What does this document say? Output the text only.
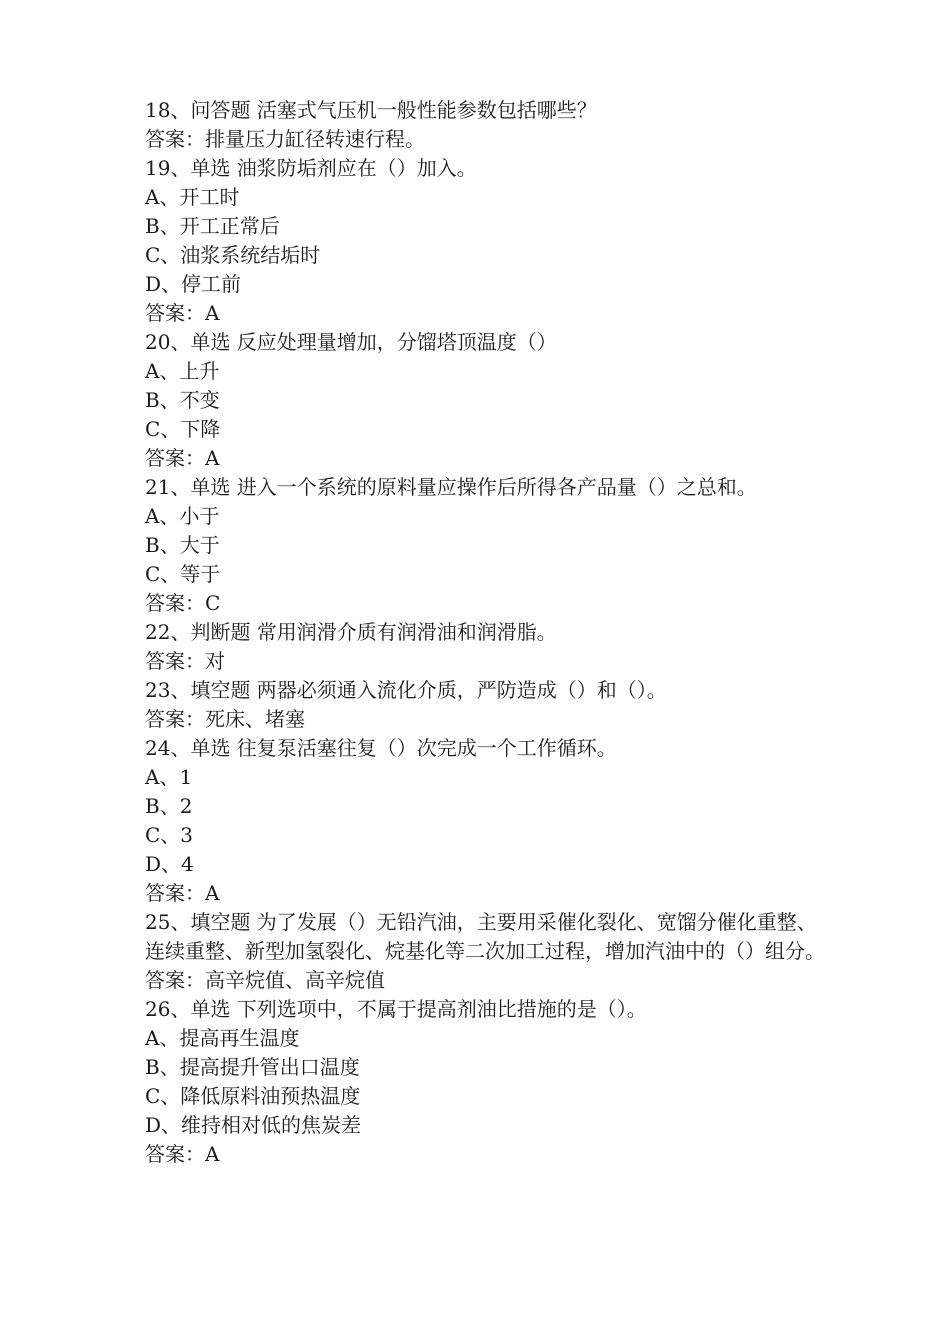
18、问答题 活塞式气压机一般性能参数包括哪些？

答案：排量压力缸径转速行程。

19、单选 油浆防垢剂应在（）加入。

A、开工时

B、开工正常后

C、油浆系统结垢时

D、停工前

答案：A

20、单选 反应处理量增加，分馏塔顶温度（）

A、上升

B、不变

C、下降

答案：A

21、单选 进入一个系统的原料量应操作后所得各产品量（）之总和。

A、小于

B、大于

C、等于

答案：C

22、判断题 常用润滑介质有润滑油和润滑脂。

答案：对

23、填空题 两器必须通入流化介质，严防造成（）和（）。

答案：死床、堵塞

24、单选 往复泵活塞往复（）次完成一个工作循环。

A、1

B、2

C、3

D、4

答案：A

25、填空题 为了发展（）无铅汽油，主要用采催化裂化、宽馏分催化重整、连续重整、新型加氢裂化、烷基化等二次加工过程，增加汽油中的（）组分。

答案：高辛烷值、高辛烷值

26、单选 下列选项中，不属于提高剂油比措施的是（）。

A、提高再生温度

B、提高提升管出口温度

C、降低原料油预热温度

D、维持相对低的焦炭差

答案：A
